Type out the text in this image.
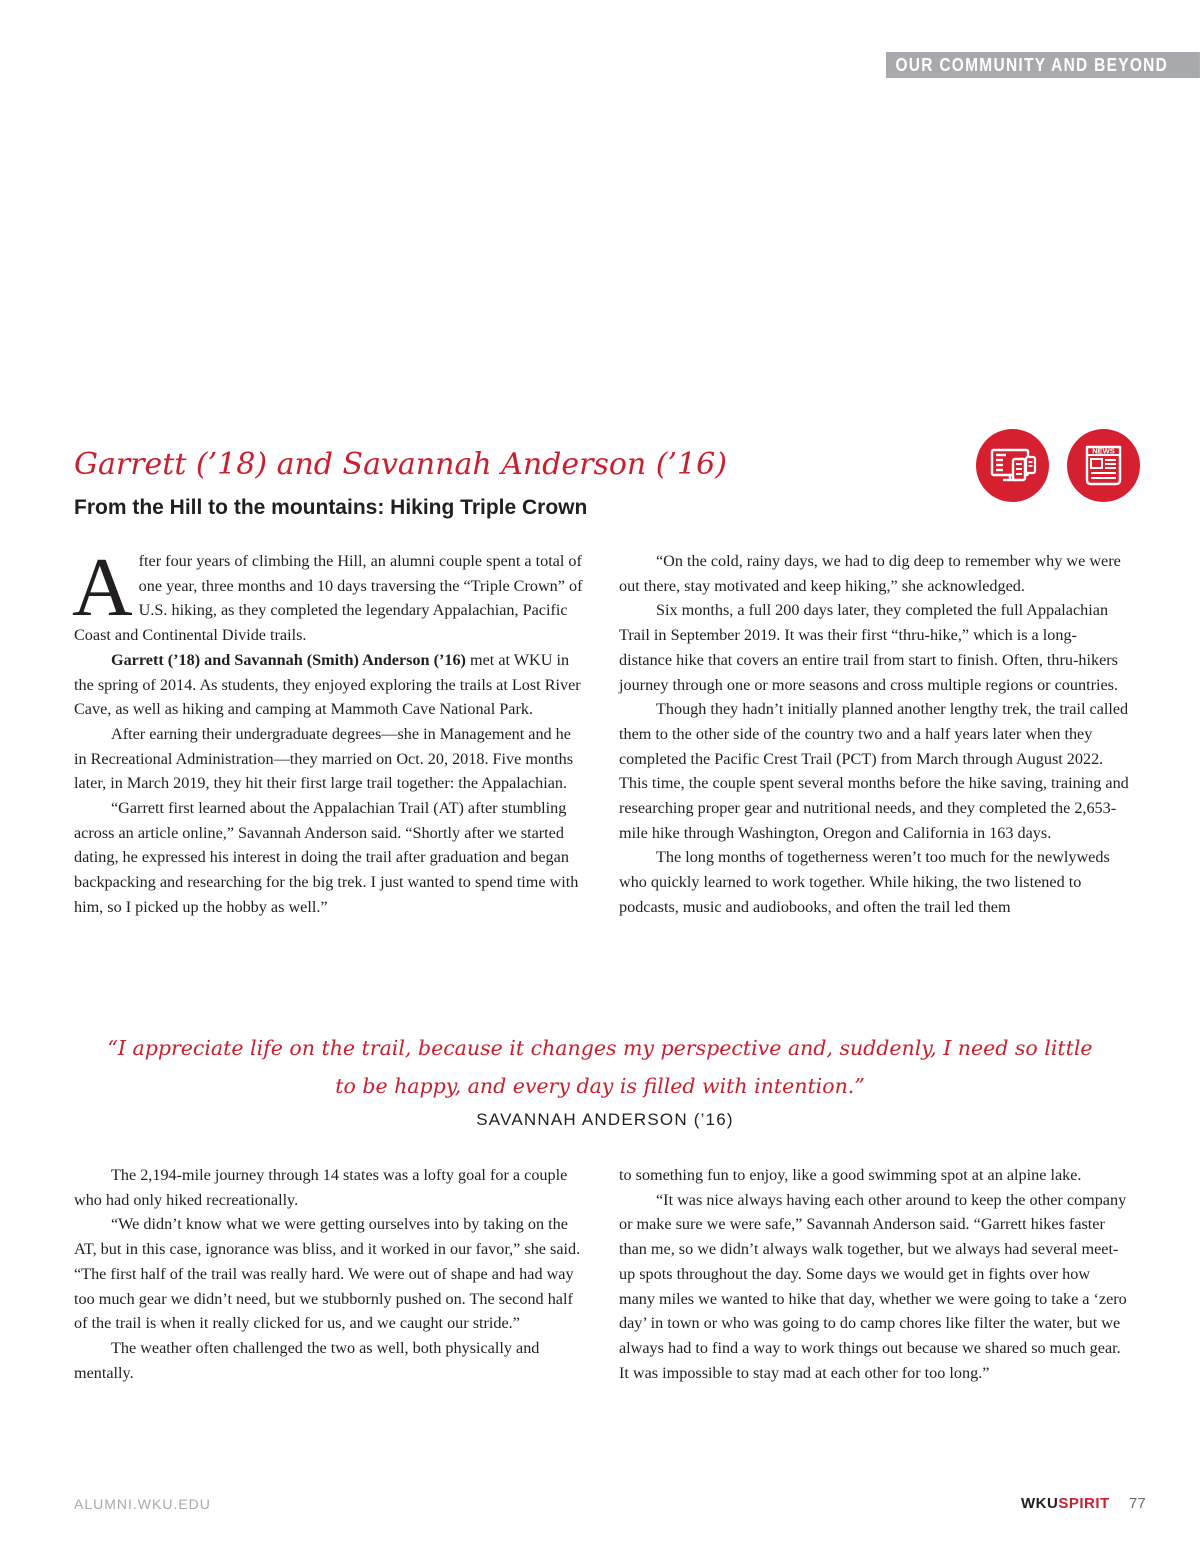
OUR COMMUNITY AND BEYOND
Garrett (’18) and Savannah Anderson (’16)
From the Hill to the mountains: Hiking Triple Crown
NEWS

After four years of climbing the Hill, an alumni couple spent a total of one year, three months and 10 days traversing the “Triple Crown” of U.S. hiking, as they completed the legendary Appalachian, Pacific Coast and Continental Divide trails.

Garrett (’18) and Savannah (Smith) Anderson (’16) met at WKU in the spring of 2014. As students, they enjoyed exploring the trails at Lost River Cave, as well as hiking and camping at Mammoth Cave National Park.

After earning their undergraduate degrees—she in Management and he in Recreational Administration—they married on Oct. 20, 2018. Five months later, in March 2019, they hit their first large trail together: the Appalachian.

“Garrett first learned about the Appalachian Trail (AT) after stumbling across an article online,” Savannah Anderson said. “Shortly after we started dating, he expressed his interest in doing the trail after graduation and began backpacking and researching for the big trek. I just wanted to spend time with him, so I picked up the hobby as well.”

“On the cold, rainy days, we had to dig deep to remember why we were out there, stay motivated and keep hiking,” she acknowledged.

Six months, a full 200 days later, they completed the full Appalachian Trail in September 2019. It was their first “thru-hike,” which is a long-distance hike that covers an entire trail from start to finish. Often, thru-hikers journey through one or more seasons and cross multiple regions or countries.

Though they hadn’t initially planned another lengthy trek, the trail called them to the other side of the country two and a half years later when they completed the Pacific Crest Trail (PCT) from March through August 2022. This time, the couple spent several months before the hike saving, training and researching proper gear and nutritional needs, and they completed the 2,653-mile hike through Washington, Oregon and California in 163 days.

The long months of togetherness weren’t too much for the newlyweds who quickly learned to work together. While hiking, the two listened to podcasts, music and audiobooks, and often the trail led them

“I appreciate life on the trail, because it changes my perspective and, suddenly, I need so little to be happy, and every day is filled with intention.”

SAVANNAH ANDERSON (’16)

The 2,194-mile journey through 14 states was a lofty goal for a couple who had only hiked recreationally.

“We didn’t know what we were getting ourselves into by taking on the AT, but in this case, ignorance was bliss, and it worked in our favor,” she said. “The first half of the trail was really hard. We were out of shape and had way too much gear we didn’t need, but we stubbornly pushed on. The second half of the trail is when it really clicked for us, and we caught our stride.”

The weather often challenged the two as well, both physically and mentally.

to something fun to enjoy, like a good swimming spot at an alpine lake.

“It was nice always having each other around to keep the other company or make sure we were safe,” Savannah Anderson said. “Garrett hikes faster than me, so we didn’t always walk together, but we always had several meet-up spots throughout the day. Some days we would get in fights over how many miles we wanted to hike that day, whether we were going to take a ‘zero day’ in town or who was going to do camp chores like filter the water, but we always had to find a way to work things out because we shared so much gear. It was impossible to stay mad at each other for too long.”

ALUMNI.WKU.EDU	WKUSPIRIT 77
